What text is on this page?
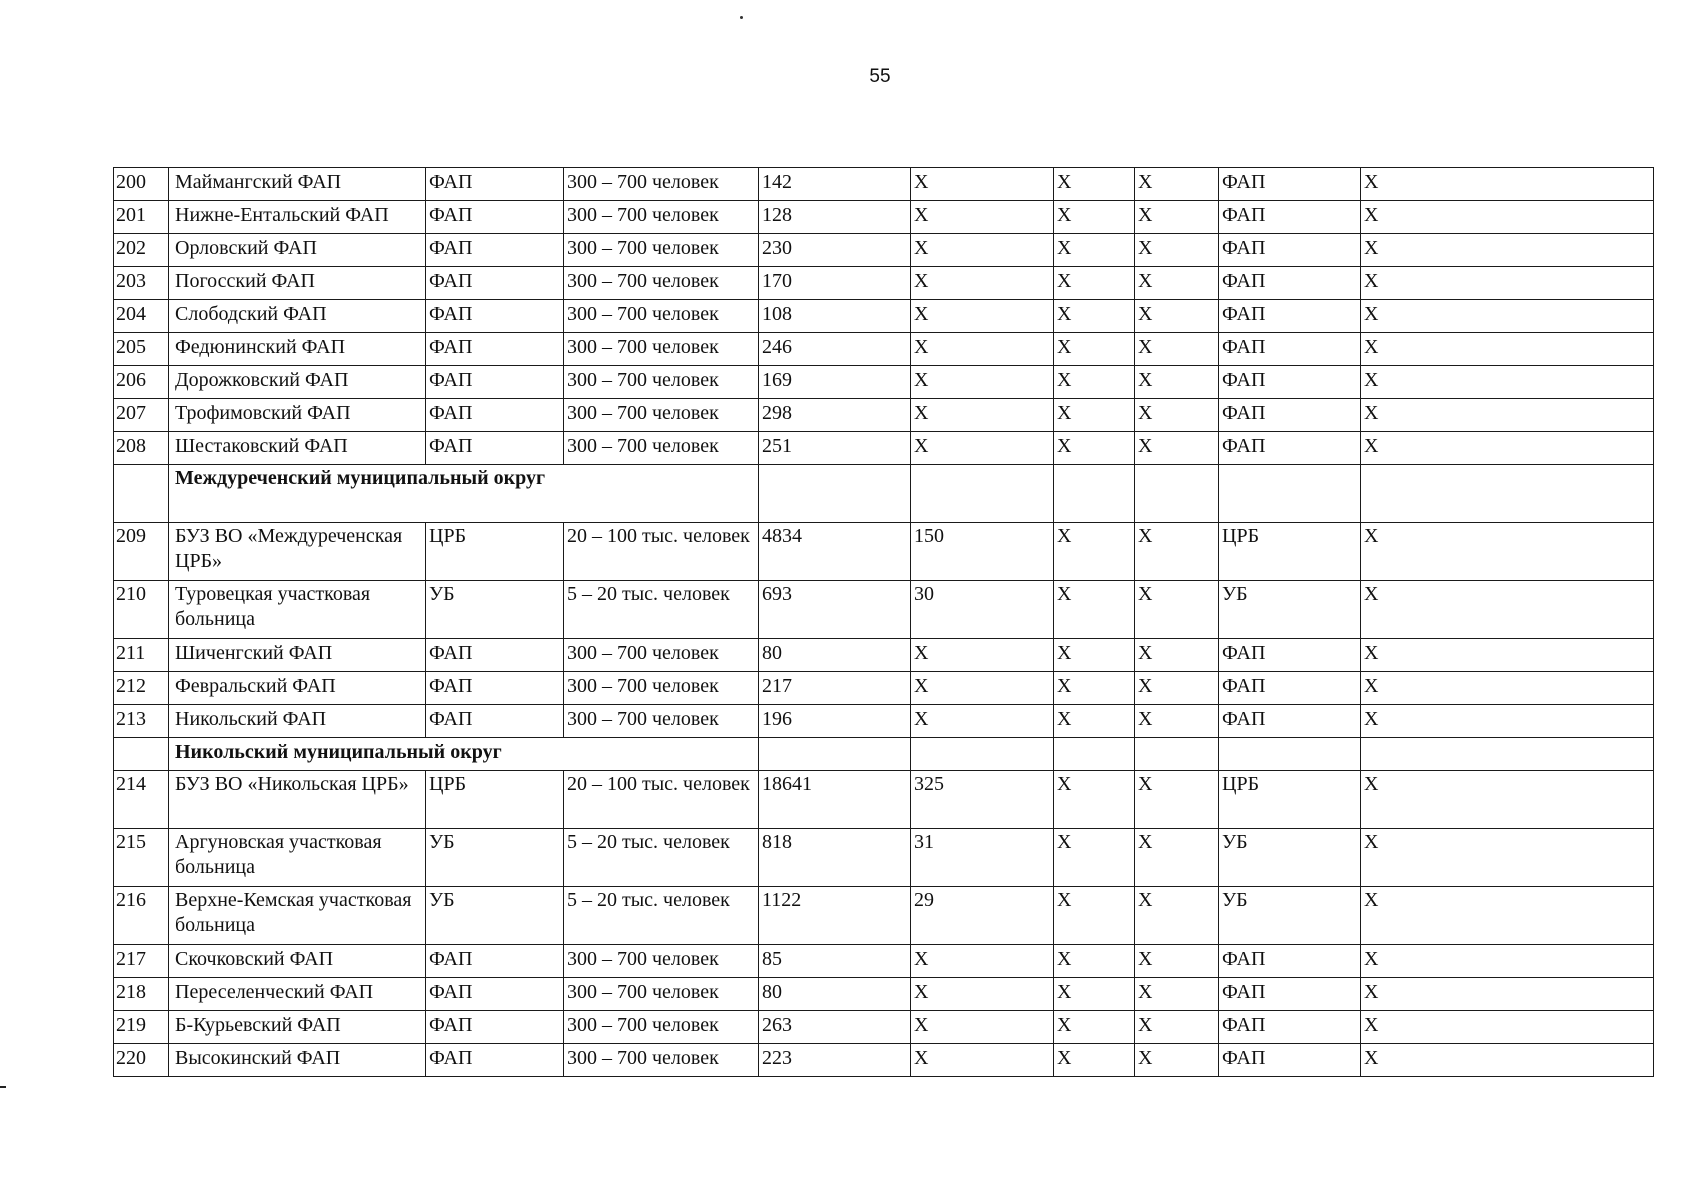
55
200	Маймангский ФАП	ФАП	300 – 700 человек	142	X	X	X	ФАП	X
201	Нижне-Ентальский ФАП	ФАП	300 – 700 человек	128	X	X	X	ФАП	X
202	Орловский ФАП	ФАП	300 – 700 человек	230	X	X	X	ФАП	X
203	Погосский ФАП	ФАП	300 – 700 человек	170	X	X	X	ФАП	X
204	Слободский ФАП	ФАП	300 – 700 человек	108	X	X	X	ФАП	X
205	Федюнинский ФАП	ФАП	300 – 700 человек	246	X	X	X	ФАП	X
206	Дорожковский ФАП	ФАП	300 – 700 человек	169	X	X	X	ФАП	X
207	Трофимовский ФАП	ФАП	300 – 700 человек	298	X	X	X	ФАП	X
208	Шестаковский ФАП	ФАП	300 – 700 человек	251	X	X	X	ФАП	X
	Междуреченский муниципальный округ								
209	БУЗ ВО «Междуреченская ЦРБ»	ЦРБ	20 – 100 тыс. человек	4834	150	X	X	ЦРБ	X
210	Туровецкая участковая больница	УБ	5 – 20 тыс. человек	693	30	X	X	УБ	X
211	Шиченгский ФАП	ФАП	300 – 700 человек	80	X	X	X	ФАП	X
212	Февральский ФАП	ФАП	300 – 700 человек	217	X	X	X	ФАП	X
213	Никольский ФАП	ФАП	300 – 700 человек	196	X	X	X	ФАП	X
	Никольский муниципальный округ								
214	БУЗ ВО «Никольская ЦРБ»	ЦРБ	20 – 100 тыс. человек	18641	325	X	X	ЦРБ	X
215	Аргуновская участковая больница	УБ	5 – 20 тыс. человек	818	31	X	X	УБ	X
216	Верхне-Кемская участковая больница	УБ	5 – 20 тыс. человек	1122	29	X	X	УБ	X
217	Скочковский ФАП	ФАП	300 – 700 человек	85	X	X	X	ФАП	X
218	Переселенческий ФАП	ФАП	300 – 700 человек	80	X	X	X	ФАП	X
219	Б-Курьевский ФАП	ФАП	300 – 700 человек	263	X	X	X	ФАП	X
220	Высокинский ФАП	ФАП	300 – 700 человек	223	X	X	X	ФАП	X
